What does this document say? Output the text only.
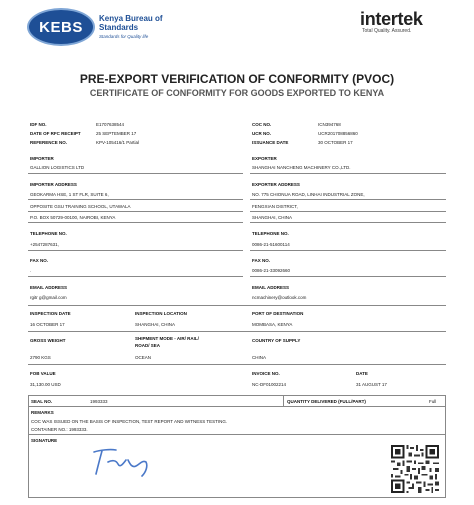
KEBS Kenya Bureau of
Standards
Standards for Quality life
intertek
Total Quality. Assured.
PRE-EXPORT VERIFICATION OF CONFORMITY (PVOC)
CERTIFICATE OF CONFORMITY FOR GOODS EXPORTED TO KENYA
IDF NO.	E1707638544
DATE OF RFC RECEIPT	25 SEPTEMBER 17
REFERENCE NO.	KPV-105416/1 Partial
COC NO.	ICN394768
UCR NO.	UCR201708856860
ISSUANCE DATE	30 OCTOBER 17
IMPORTER
GALLION LOGISTICS LTD
IMPORTER ADDRESS
GEOKARMA HSE, 1 ST FLR, SUITE 6,
OPPOSITE GSU TRAINING SCHOOL, UTAWALA
P.O. BOX 50729-00100, NAIROBI, KENYA
TELEPHONE NO.
+2547287631,
FAX NO.
.
EMAIL ADDRESS
rgitr g@gmail.com
EXPORTER
SHANGHAI NANCHENG MACHINERY CO.,LTD.
EXPORTER ADDRESS
NO. 775 CHIONUA ROAD, LINHAI INDUSTRIAL ZONE,
FENGXIAN DISTRICT,
SHANGHAI, CHINA
TELEPHONE NO.
0086-21-51600114
FAX NO.
0086-21-33092660
EMAIL ADDRESS
ncmachinery@outlook.com
INSPECTION DATE
16 OCTOBER 17
INSPECTION LOCATION
SHANGHAI, CHINA
PORT OF DESTINATION
MOMBASA, KENYA
GROSS WEIGHT
2790 KGS
SHIPMENT MODE - AIR/ RAIL/
ROAD/ SEA
OCEAN
COUNTRY OF SUPPLY
CHINA
FOB VALUE
31,130.00 USD
INVOICE NO.
NC-DF01002214
DATE
31 AUGUST 17
SEAL NO.	1993333	QUANTITY DELIVERED (FULL/PART)	Full
REMARKS
COC WAS ISSUED ON THE BASIS OF INSPECTION, TEST REPORT AND WITNESS TESTING.
CONTAINER NO.: 1993333.
SIGNATURE
